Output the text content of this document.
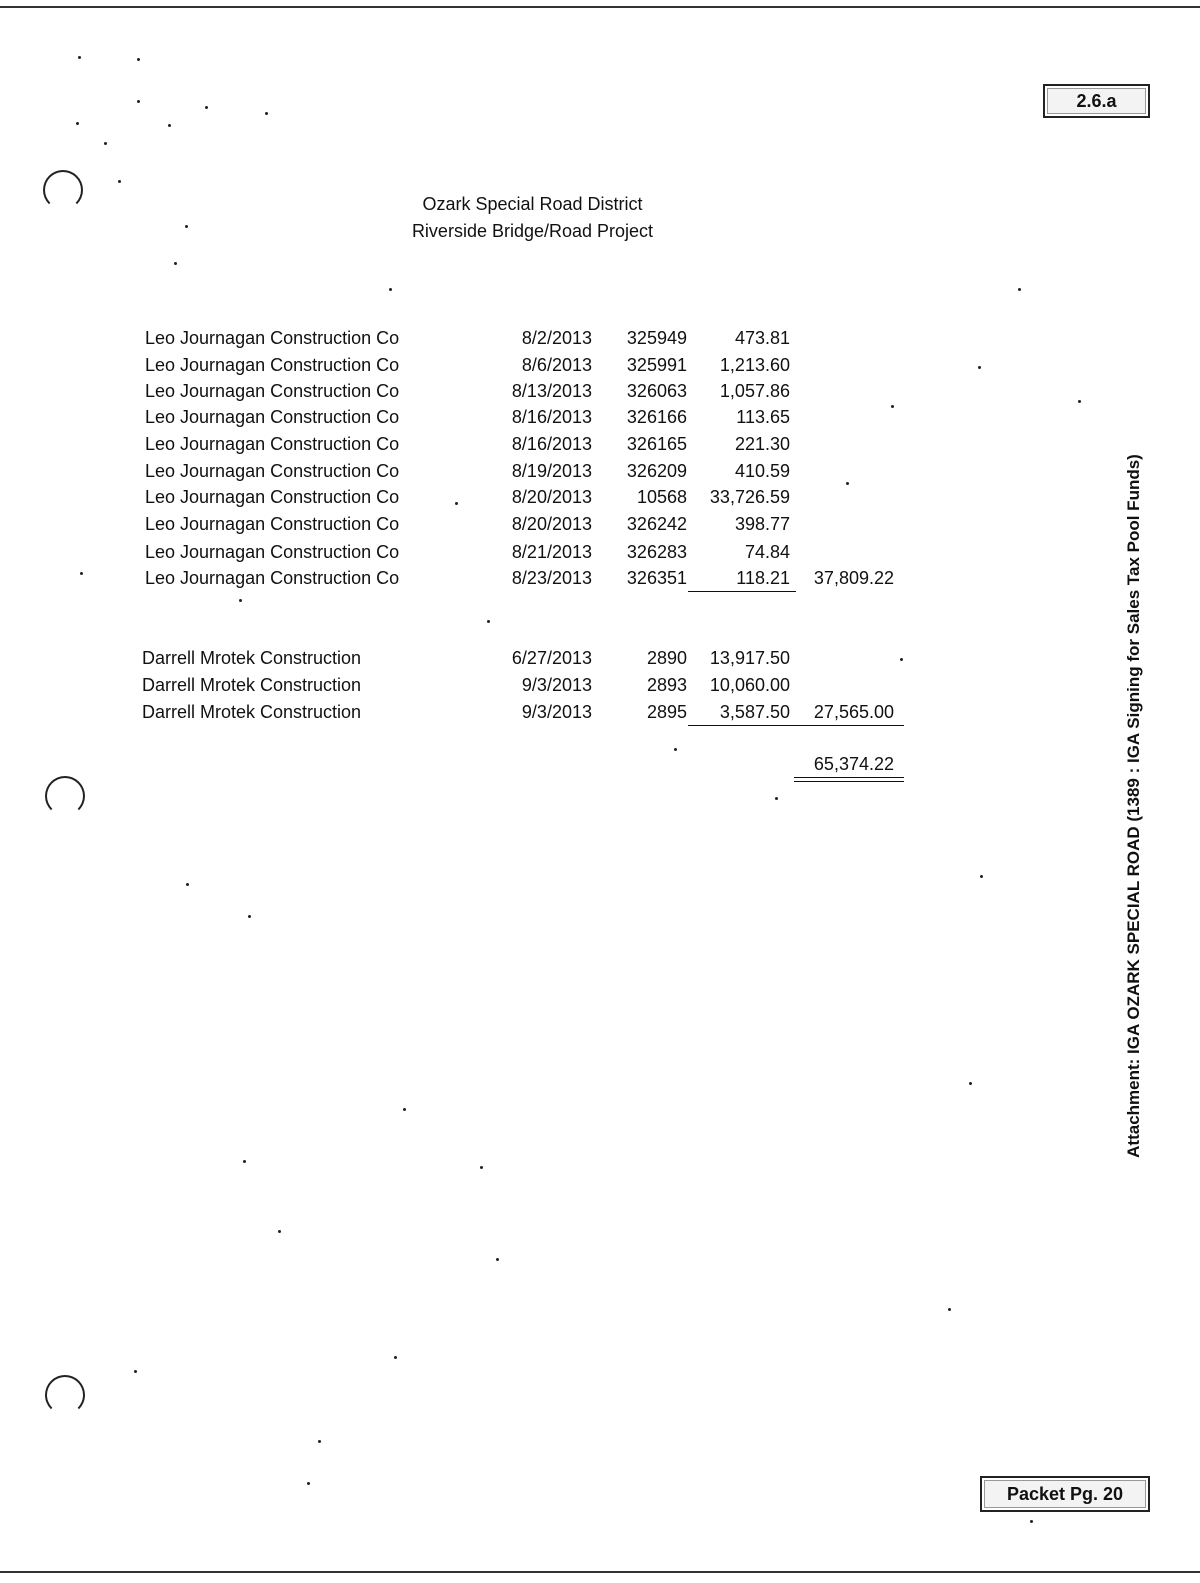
2.6.a
Packet Pg. 20
Attachment: IGA OZARK SPECIAL ROAD (1389 : IGA Signing for Sales Tax Pool Funds)
Ozark Special Road District
Riverside Bridge/Road Project
Leo Journagan Construction Co	8/2/2013 325949	473.81
Leo Journagan Construction Co	8/6/2013 325991 1,213.60
Leo Journagan Construction Co	8/13/2013 326063 1,057.86
Leo Journagan Construction Co	8/16/2013 326166	113.65
Leo Journagan Construction Co	8/16/2013 326165	221.30
Leo Journagan Construction Co	8/19/2013 326209	410.59
Leo Journagan Construction Co	8/20/2013 10568 33,726.59
Leo Journagan Construction Co	8/20/2013 326242	398.77
Leo Journagan Construction Co	8/21/2013 326283	74.84
Leo Journagan Construction Co	8/23/2013 326351	118.21 37,809.22
Darrell Mrotek Construction	6/27/2013	2890 13,917.50
Darrell Mrotek Construction	9/3/2013	2893 10,060.00
Darrell Mrotek Construction	9/3/2013	2895 3,587.50 27,565.00
65,374.22
